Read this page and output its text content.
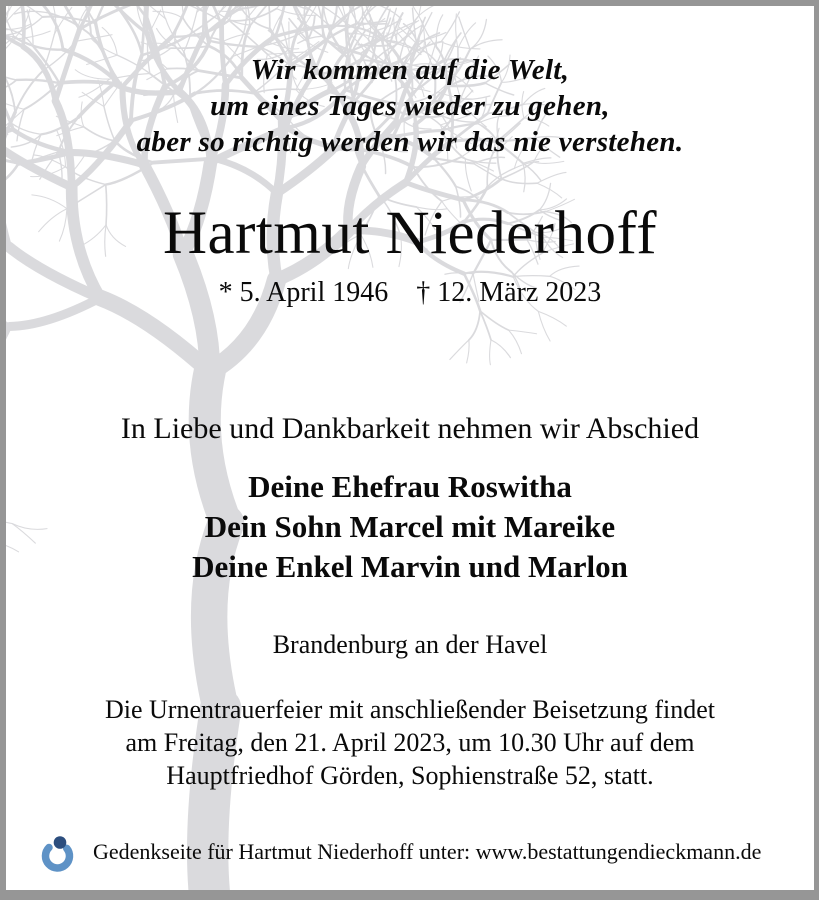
Wir kommen auf die Welt,
um eines Tages wieder zu gehen,
aber so richtig werden wir das nie verstehen.
Hartmut Niederhoff
* 5. April 1946 † 12. März 2023
In Liebe und Dankbarkeit nehmen wir Abschied
Deine Ehefrau Roswitha
Dein Sohn Marcel mit Mareike
Deine Enkel Marvin und Marlon
Brandenburg an der Havel
Die Urnentrauerfeier mit anschließender Beisetzung findet
am Freitag, den 21. April 2023, um 10.30 Uhr auf dem
Hauptfriedhof Görden, Sophienstraße 52, statt.
Gedenkseite für Hartmut Niederhoff unter: www.bestattungendieckmann.de
